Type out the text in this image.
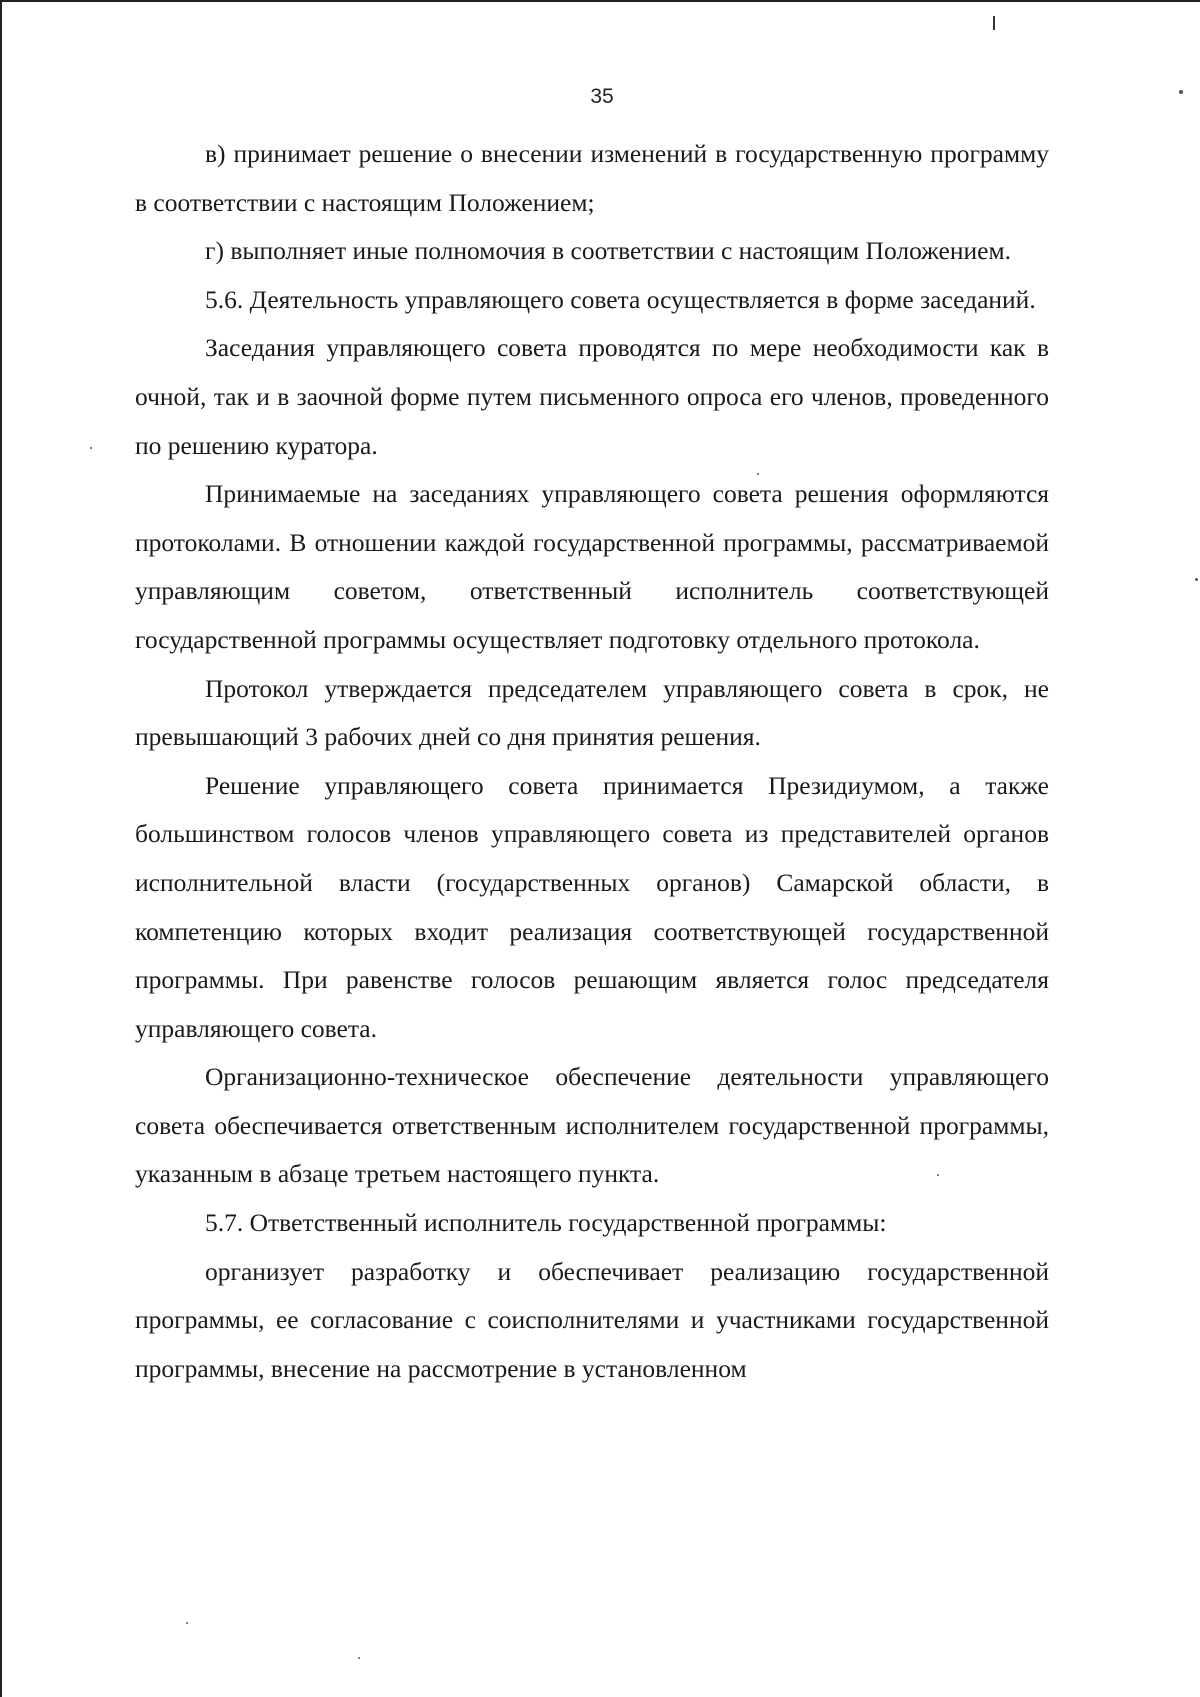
35

в) принимает решение о внесении изменений в государственную программу в соответствии с настоящим Положением;

г) выполняет иные полномочия в соответствии с настоящим Положением.

5.6. Деятельность управляющего совета осуществляется в форме заседаний.

Заседания управляющего совета проводятся по мере необходимости как в очной, так и в заочной форме путем письменного опроса его членов, проведенного по решению куратора.

Принимаемые на заседаниях управляющего совета решения оформляются протоколами. В отношении каждой государственной программы, рассматриваемой управляющим советом, ответственный исполнитель соответствующей государственной программы осуществляет подготовку отдельного протокола.

Протокол утверждается председателем управляющего совета в срок, не превышающий 3 рабочих дней со дня принятия решения.

Решение управляющего совета принимается Президиумом, а также большинством голосов членов управляющего совета из представителей органов исполнительной власти (государственных органов) Самарской области, в компетенцию которых входит реализация соответствующей государственной программы. При равенстве голосов решающим является голос председателя управляющего совета.

Организационно-техническое обеспечение деятельности управляющего совета обеспечивается ответственным исполнителем государственной программы, указанным в абзаце третьем настоящего пункта.

5.7. Ответственный исполнитель государственной программы:

организует разработку и обеспечивает реализацию государственной программы, ее согласование с соисполнителями и участниками государственной программы, внесение на рассмотрение в установленном
